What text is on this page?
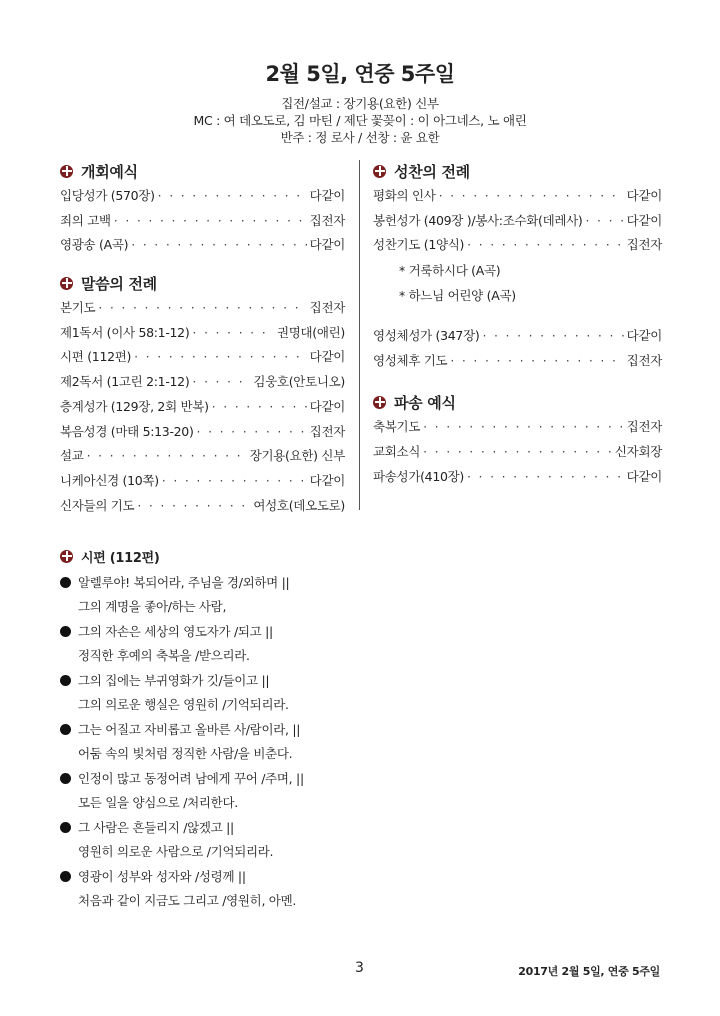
2월 5일, 연중 5주일
집전/설교 : 장기용(요한) 신부
MC : 여 데오도로, 김 마틴 / 제단 꽃꽂이 : 이 아그네스, 노 애린
반주 : 정 로사 / 선창 : 윤 요한
개회예식
입당성가 (570장) · · ·	다같이
죄의 고백 · · ·	집전자
영광송 (A곡) · · ·	다같이
말씀의 전례
본기도 · · ·	집전자
제1독서 (이사 58:1-12) · · ·	권명대(애린)
시편 (112편) · · ·	다같이
제2독서 (1고린 2:1-12) · · ·	김웅호(안토니오)
층계성가 (129장, 2회 반복) · · ·	다같이
복음성경 (마태 5:13-20) · · ·	집전자
설교 · · ·	장기용(요한) 신부
니케아신경 (10쪽) · · ·	다같이
신자들의 기도 · · ·	여성호(데오도로)
성찬의 전례
평화의 인사 · · ·	다같이
봉헌성가 (409장 )/봉사:조수화(데레사) · · ·	다같이
성찬기도 (1양식) · · ·	집전자
* 거룩하시다 (A곡)
* 하느님 어린양 (A곡)
영성체성가 (347장) · · ·	다같이
영성체후 기도 · · ·	집전자
파송 예식
축복기도 · · ·	집전자
교회소식 · · ·	신자회장
파송성가(410장) · · ·	다같이
시편 (112편)
알렐루야! 복되어라, 주님을 경/외하며 ||
그의 계명을 좋아/하는 사람,
그의 자손은 세상의 영도자가 /되고 ||
정직한 후예의 축복을 /받으리라.
그의 집에는 부귀영화가 깃/들이고 ||
그의 의로운 행실은 영원히 /기억되리라.
그는 어질고 자비롭고 올바른 사/람이라, ||
어둠 속의 빛처럼 정직한 사람/을 비춘다.
인정이 많고 동정어려 남에게 꾸어 /주며, ||
모든 일을 양심으로 /처리한다.
그 사람은 흔들리지 /않겠고 ||
영원히 의로운 사람으로 /기억되리라.
영광이 성부와 성자와 /성령께 ||
처음과 같이 지금도 그리고 /영원히, 아멘.
3	2017년 2월 5일, 연중 5주일
